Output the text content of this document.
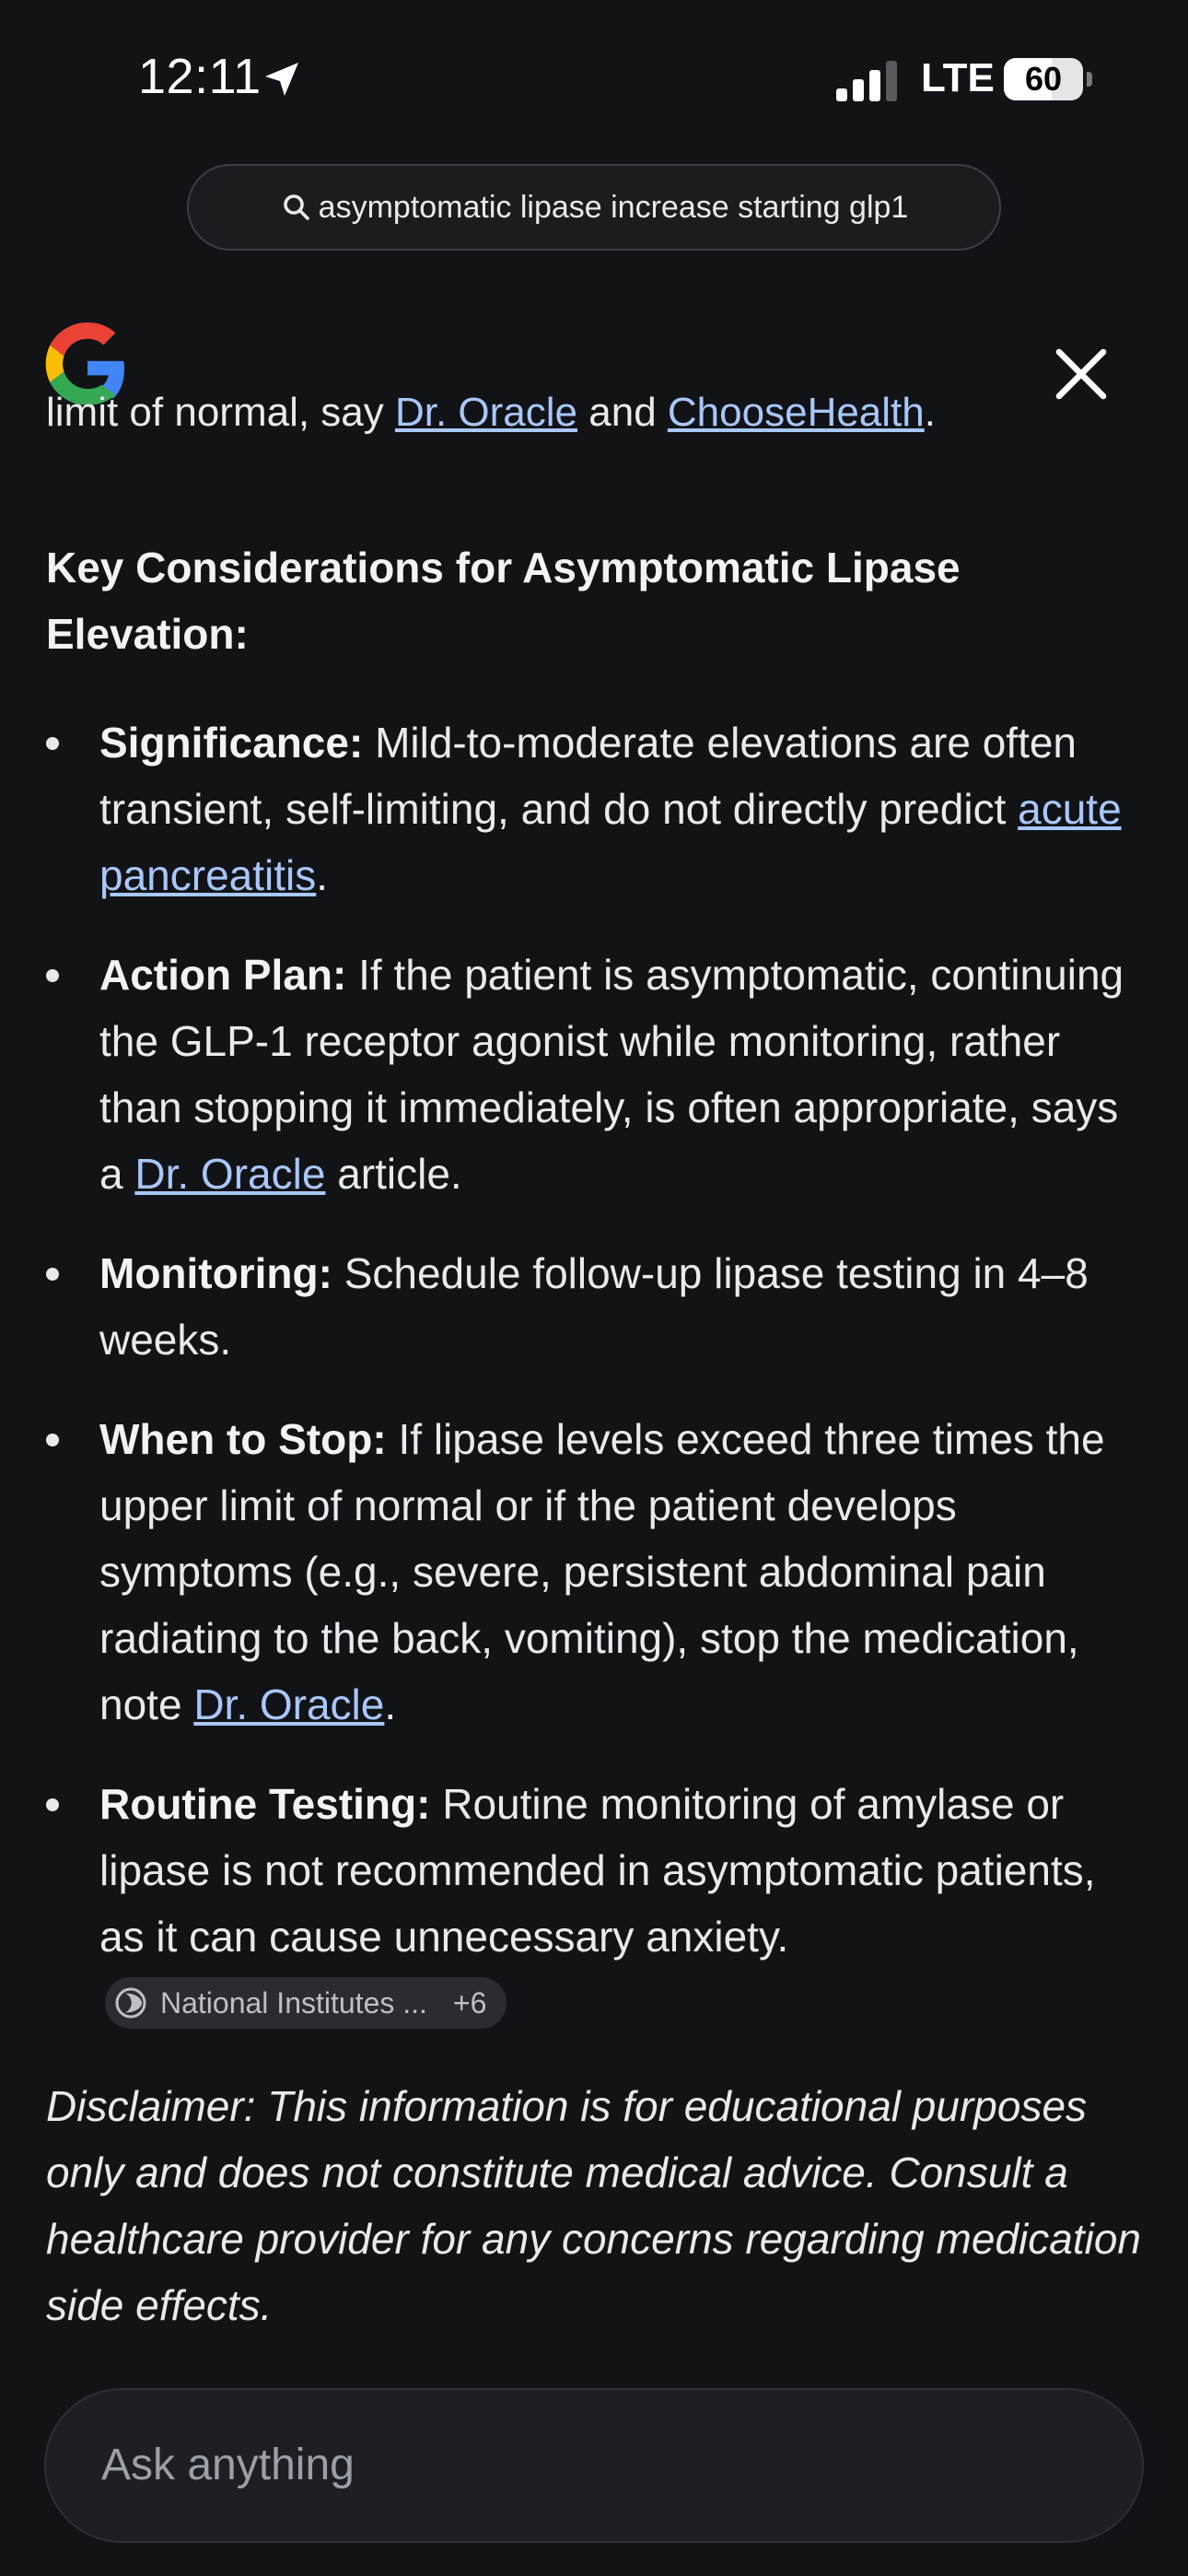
12:11	LTE 60
asymptomatic lipase increase starting glp1
limit of normal, say Dr. Oracle and ChooseHealth.
Key Considerations for Asymptomatic Lipase Elevation:
Significance: Mild-to-moderate elevations are often transient, self-limiting, and do not directly predict acute pancreatitis.
Action Plan: If the patient is asymptomatic, continuing the GLP-1 receptor agonist while monitoring, rather than stopping it immediately, is often appropriate, says a Dr. Oracle article.
Monitoring: Schedule follow-up lipase testing in 4–8 weeks.
When to Stop: If lipase levels exceed three times the upper limit of normal or if the patient develops symptoms (e.g., severe, persistent abdominal pain radiating to the back, vomiting), stop the medication, note Dr. Oracle.
Routine Testing: Routine monitoring of amylase or lipase is not recommended in asymptomatic patients, as it can cause unnecessary anxiety.
National Institutes ... +6

Disclaimer: This information is for educational purposes only and does not constitute medical advice. Consult a healthcare provider for any concerns regarding medication side effects.

Ask anything
